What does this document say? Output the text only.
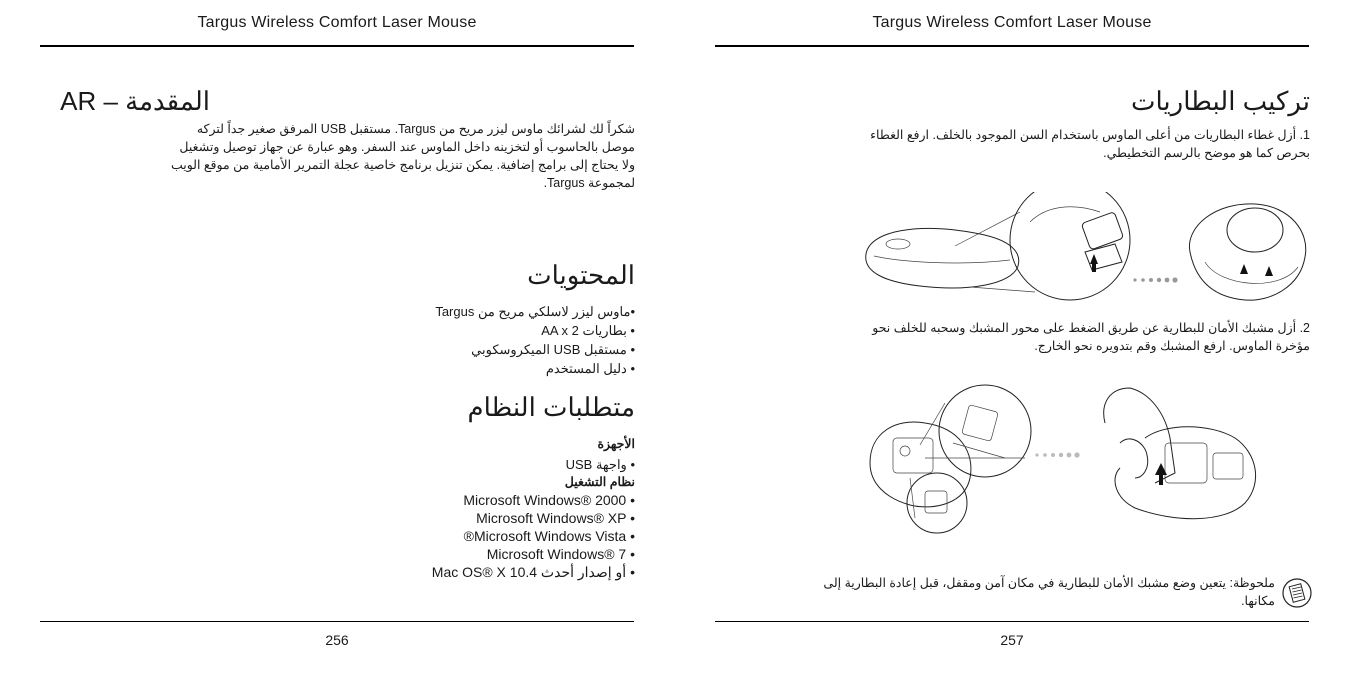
Targus Wireless Comfort Laser Mouse
المقدمة – AR
شكراً لك لشرائك ماوس ليزر مريح من Targus. مستقبل USB المرفق صغير جداً لتركه موصل بالحاسوب أو لتخزينه داخل الماوس عند السفر. وهو عبارة عن جهاز توصيل وتشغيل ولا يحتاج إلى برامج إضافية. يمكن تنزيل برنامج خاصية عجلة التمرير الأمامية من موقع الويب لمجموعة Targus.
المحتويات
•ماوس ليزر لاسلكي مريح من Targus
• بطاريات 2 AA x
• مستقبل USB الميكروسكوبي
• دليل المستخدم
متطلبات النظام
الأجهزة
• واجهة USB
نظام التشغيل
Microsoft Windows® 2000 •
Microsoft Windows® XP •
®Microsoft Windows Vista •
Microsoft Windows® 7 •
Mac OS® X 10.4 أو إصدار أحدث •
256
Targus Wireless Comfort Laser Mouse
تركيب البطاريات
1. أزل غطاء البطاريات من أعلى الماوس باستخدام السن الموجود بالخلف. ارفع الغطاء بحرص كما هو موضح بالرسم التخطيطي.
2. أزل مشبك الأمان للبطارية عن طريق الضغط على محور المشبك وسحبه للخلف نحو مؤخرة الماوس. ارفع المشبك وقم بتدويره نحو الخارج.
ملحوظة: يتعين وضع مشبك الأمان للبطارية في مكان آمن ومقفل، قبل إعادة البطارية إلى مكانها.
257
